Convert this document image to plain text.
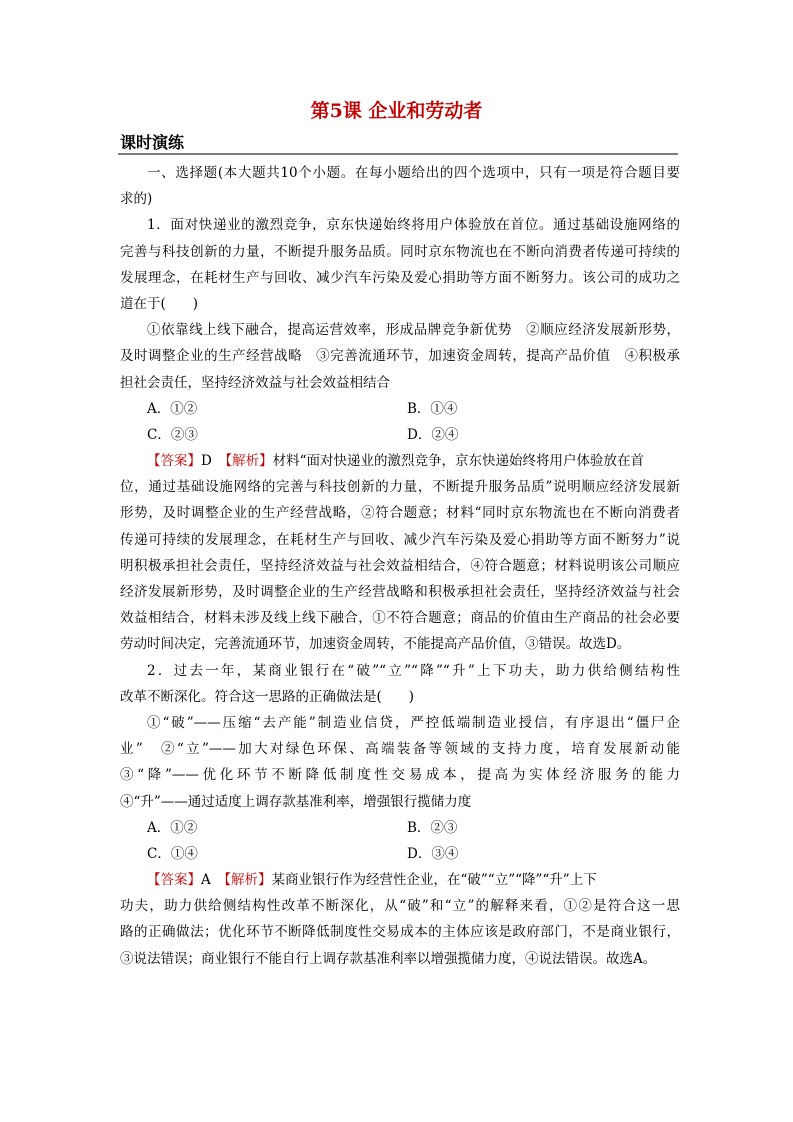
第5课 企业和劳动者
课时演练
一、选择题(本大题共10个小题。在每小题给出的四个选项中，只有一项是符合题目要
求的)
1．面对快递业的激烈竞争，京东快递始终将用户体验放在首位。通过基础设施网络的
完善与科技创新的力量，不断提升服务品质。同时京东物流也在不断向消费者传递可持续的
发展理念，在耗材生产与回收、减少汽车污染及爱心捐助等方面不断努力。该公司的成功之
道在于(　　)
①依靠线上线下融合，提高运营效率，形成品牌竞争新优势　②顺应经济发展新形势，
及时调整企业的生产经营战略　③完善流通环节，加速资金周转，提高产品价值　④积极承
担社会责任，坚持经济效益与社会效益相结合
A．①②	B．①④
C．②③	D．②④
【答案】D　 【解析】材料“面对快递业的激烈竞争，京东快递始终将用户体验放在首
位，通过基础设施网络的完善与科技创新的力量，不断提升服务品质”说明顺应经济发展新
形势，及时调整企业的生产经营战略，②符合题意；材料“同时京东物流也在不断向消费者
传递可持续的发展理念，在耗材生产与回收、减少汽车污染及爱心捐助等方面不断努力”说
明积极承担社会责任，坚持经济效益与社会效益相结合，④符合题意；材料说明该公司顺应
经济发展新形势，及时调整企业的生产经营战略和积极承担社会责任，坚持经济效益与社会
效益相结合，材料未涉及线上线下融合，①不符合题意；商品的价值由生产商品的社会必要
劳动时间决定，完善流通环节，加速资金周转，不能提高产品价值，③错误。故选D。
2．过去一年，某商业银行在“破”“立”“降”“升”上下功夫，助力供给侧结构性
改革不断深化。符合这一思路的正确做法是(　　)
①“破”——压缩“去产能”制造业信贷，严控低端制造业授信，有序退出“僵尸企
业”　②“立”——加大对绿色环保、高端装备等领域的支持力度，培育发展新动能
③“降”——优化环节不断降低制度性交易成本，提高为实体经济服务的能力
④“升”——通过适度上调存款基准利率，增强银行揽储力度
A．①②	B．②③
C．①④	D．③④
【答案】A　 【解析】某商业银行作为经营性企业，在“破”“立”“降”“升”上下
功夫，助力供给侧结构性改革不断深化，从“破”和“立”的解释来看，①②是符合这一思
路的正确做法；优化环节不断降低制度性交易成本的主体应该是政府部门，不是商业银行，
③说法错误；商业银行不能自行上调存款基准利率以增强揽储力度，④说法错误。故选A。
